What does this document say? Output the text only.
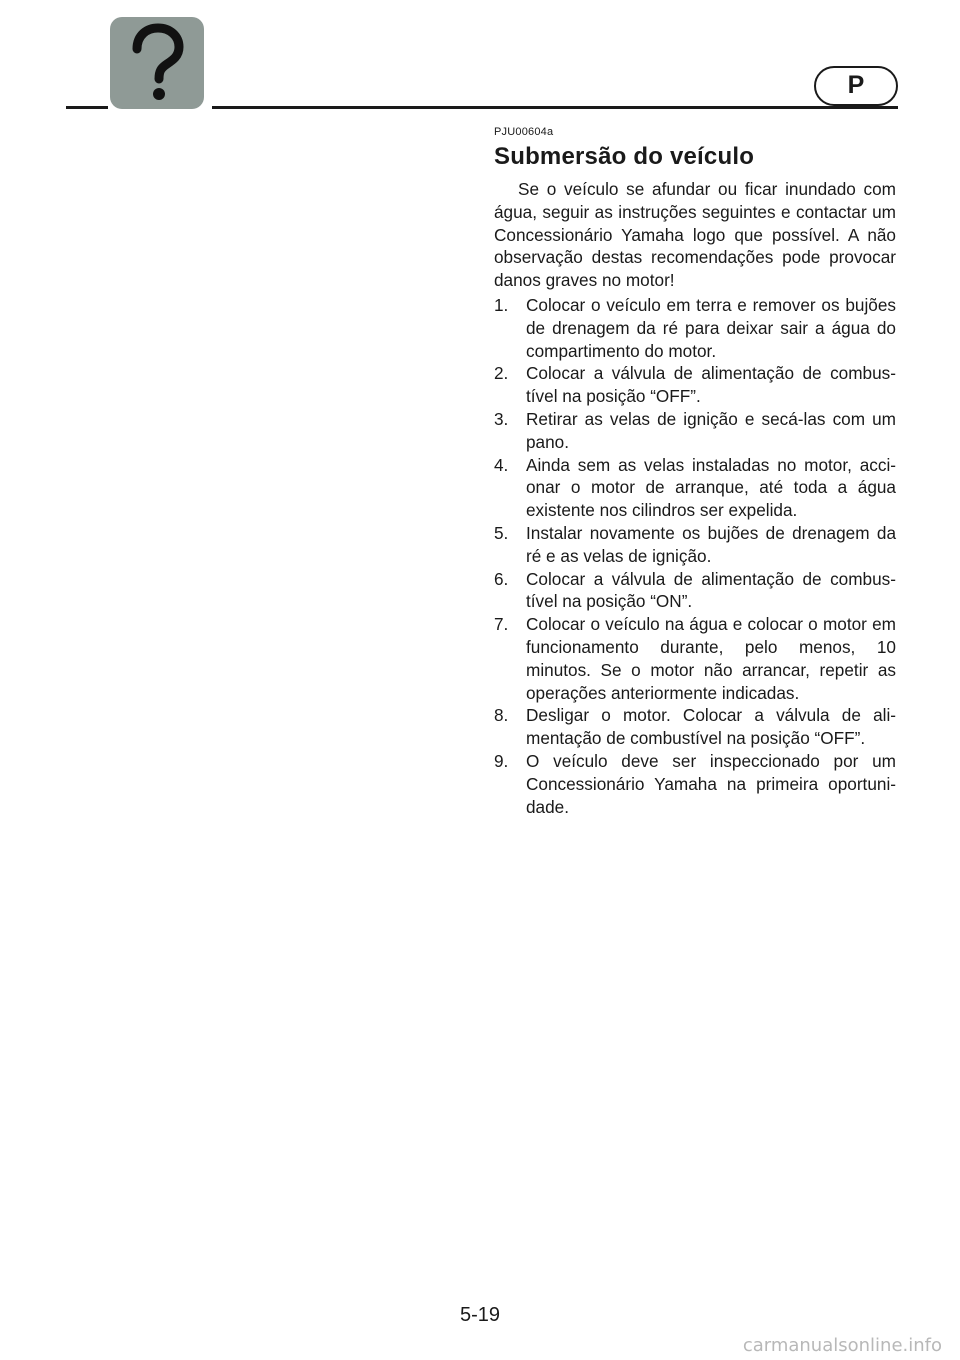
P

PJU00604a

Submersão do veículo

Se o veículo se afundar ou ficar inundado com água, seguir as instruções seguintes e contactar um Concessionário Yamaha logo que possível. A não observação destas recomendações pode provocar danos graves no motor!

1. Colocar o veículo em terra e remover os bujões de drenagem da ré para deixar sair a água do compartimento do motor.
2. Colocar a válvula de alimentação de combus-tível na posição “OFF”.
3. Retirar as velas de ignição e secá-las com um pano.
4. Ainda sem as velas instaladas no motor, acci-onar o motor de arranque, até toda a água existente nos cilindros ser expelida.
5. Instalar novamente os bujões de drenagem da ré e as velas de ignição.
6. Colocar a válvula de alimentação de combus-tível na posição “ON”.
7. Colocar o veículo na água e colocar o motor em funcionamento durante, pelo menos, 10 minutos. Se o motor não arrancar, repetir as operações anteriormente indicadas.
8. Desligar o motor. Colocar a válvula de ali-mentação de combustível na posição “OFF”.
9. O veículo deve ser inspeccionado por um Concessionário Yamaha na primeira oportuni-dade.
5-19
carmanualsonline.info
